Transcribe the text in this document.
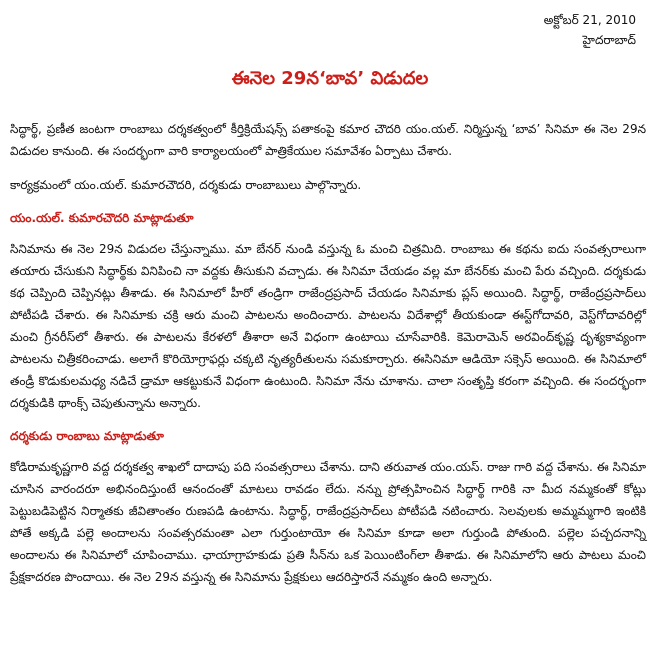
అక్టోబర్ 21, 2010
హైదరాబాద్
ఈనెల 29న‘బావ’ విడుదల

సిద్ధార్థ్, ప్రణీత జంటగా రాంబాబు దర్శకత్వంలో కీర్తిక్రియేషన్స్ పతాకంపై కమార చౌదరి యం.యల్. నిర్మిస్తున్న ‘బావ’ సినిమా ఈ నెల 29న విడుదల కానుంది. ఈ సందర్భంగా వారి కార్యాలయంలో పాత్రికేయుల సమావేశం ఏర్పాటు చేశారు.

కార్యక్రమంలో యం.యల్. కుమారచౌదరి, దర్శకుడు రాంబాబులు పాల్గొన్నారు.

యం.యల్. కుమారచౌదరి మాట్లాడుతూ

సినిమాను ఈ నెల 29న విడుదల చేస్తున్నాము. మా బేనర్ నుండి వస్తున్న ఓ మంచి చిత్రమిది. రాంబాబు ఈ కథను ఐదు సంవత్సరాలుగా తయారు చేసుకుని సిద్ధార్థ్‌కు వినిపించి నా వద్దకు తీసుకుని వచ్చాడు. ఈ సినిమా చేయడం వల్ల మా బేనర్‌కు మంచి పేరు వచ్చింది. దర్శకుడు కథ చెప్పింది చెప్పినట్లు తీశాడు. ఈ సినిమాలో హీరో తండ్రిగా రాజేంద్రప్రసాద్ చేయడం సినిమాకు ప్లస్ అయింది. సిద్ధార్థ్, రాజేంద్రప్రసాద్‌లు పోటీపడి చేశారు. ఈ సినిమాకు చక్రి ఆరు మంచి పాటలను అందించారు. పాటలను విదేశాల్లో తీయకుండా ఈస్ట్‌గోదావరి, వెస్ట్‌గోదావరిల్లో మంచి గ్రీనరీస్‌లో తీశారు. ఈ పాటలను కేరళలో తీశారా అనే విధంగా ఉంటాయి చూసేవారికి. కెమెరామెన్ అరవింద్‌కృష్ణ దృశ్యకావ్యంగా పాటలను చిత్రీకరించాడు. అలాగే కొరియోగ్రాఫర్లు చక్కటి నృత్యరీతులను సమకూర్చారు. ఈసినిమా ఆడియో సక్సెస్ అయింది. ఈ సినిమాలో తండ్రీ కొడుకులమధ్య నడిచే డ్రామా ఆకట్టుకునే విధంగా ఉంటుంది. సినిమా నేను చూశాను. చాలా సంతృప్తి కరంగా వచ్చింది. ఈ సందర్భంగా దర్శకుడికి థాంక్స్ చెపుతున్నాను అన్నారు.

దర్శకుడు రాంబాబు మాట్లాడుతూ

కోడిరామకృష్ణగారి వద్ద దర్శకత్వ శాఖలో దాదాపు పది సంవత్సరాలు చేశాను. దాని తరువాత యం.యస్. రాజు గారి వద్ద చేశాను. ఈ సినిమా చూసిన వారందరూ అభినందిస్తుంటే ఆనందంతో మాటలు రావడం లేదు. నన్ను ప్రోత్సహించిన సిద్ధార్థ్ గారికి నా మీద నమ్మకంతో కోట్లు పెట్టుబడిపెట్టిన నిర్మాతకు జీవితాంతం రుణపడి ఉంటాను. సిద్ధార్థ్, రాజేంద్రప్రసాద్‌లు పోటీపడి నటించారు. సెలవులకు అమ్మమ్మగారి ఇంటికి పోతే అక్కడి పల్లె అందాలను సంవత్సరమంతా ఎలా గుర్తుంటాయో ఈ సినిమా కూడా అలా గుర్తుండి పోతుంది. పల్లెల పచ్చదనాన్ని అందాలను ఈ సినిమాలో చూపించాము. ఛాయాగ్రాహకుడు ప్రతి సీన్‌ను ఒక పెయింటింగ్‌లా తీశాడు. ఈ సినిమాలోని ఆరు పాటలు మంచి ప్రేక్షకాదరణ పొందాయి. ఈ నెల 29న వస్తున్న ఈ సినిమాను ప్రేక్షకులు ఆదరిస్తారనే నమ్మకం ఉంది అన్నారు.

​
